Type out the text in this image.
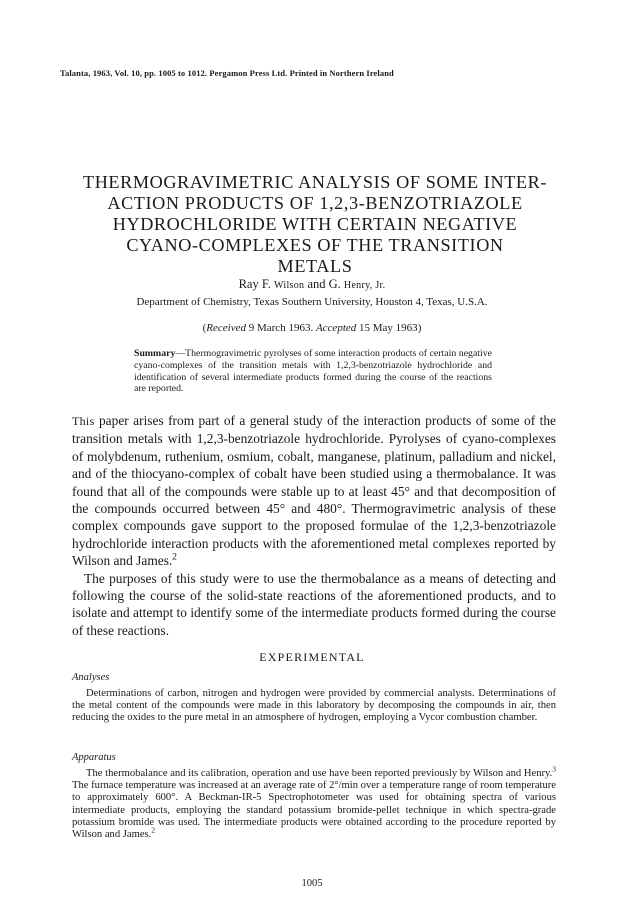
Talanta, 1963, Vol. 10, pp. 1005 to 1012. Pergamon Press Ltd. Printed in Northern Ireland
THERMOGRAVIMETRIC ANALYSIS OF SOME INTER-
ACTION PRODUCTS OF 1,2,3-BENZOTRIAZOLE
HYDROCHLORIDE WITH CERTAIN NEGATIVE
CYANO-COMPLEXES OF THE TRANSITION
METALS
Ray F. Wilson and G. Henry, Jr.
Department of Chemistry, Texas Southern University, Houston 4, Texas, U.S.A.
(Received 9 March 1963. Accepted 15 May 1963)
Summary—Thermogravimetric pyrolyses of some interaction products of certain negative cyano-complexes of the transition metals with 1,2,3-benzotriazole hydrochloride and identification of several intermediate products formed during the course of the reactions are reported.

This paper arises from part of a general study of the interaction products of some of the transition metals with 1,2,3-benzotriazole hydrochloride. Pyrolyses of cyano-complexes of molybdenum, ruthenium, osmium, cobalt, manganese, platinum, palladium and nickel, and of the thiocyano-complex of cobalt have been studied using a thermobalance. It was found that all of the compounds were stable up to at least 45° and that decomposition of the compounds occurred between 45° and 480°. Thermogravimetric analysis of these complex compounds gave support to the proposed formulae of the 1,2,3-benzotriazole hydrochloride interaction products with the aforementioned metal complexes reported by Wilson and James.$^2$

The purposes of this study were to use the thermobalance as a means of detecting and following the course of the solid-state reactions of the aforementioned products, and to isolate and attempt to identify some of the intermediate products formed during the course of these reactions.

EXPERIMENTAL
Analyses

Determinations of carbon, nitrogen and hydrogen were provided by commercial analysts. Determinations of the metal content of the compounds were made in this laboratory by decomposing the compounds in air, then reducing the oxides to the pure metal in an atmosphere of hydrogen, employing a Vycor combustion chamber.

Apparatus

The thermobalance and its calibration, operation and use have been reported previously by Wilson and Henry.$^3$ The furnace temperature was increased at an average rate of 2°/min over a temperature range of room temperature to approximately 600°. A Beckman-IR-5 Spectrophotometer was used for obtaining spectra of various intermediate products, employing the standard potassium bromide-pellet technique in which spectra-grade potassium bromide was used. The intermediate products were obtained according to the procedure reported by Wilson and James.$^2$

1005
